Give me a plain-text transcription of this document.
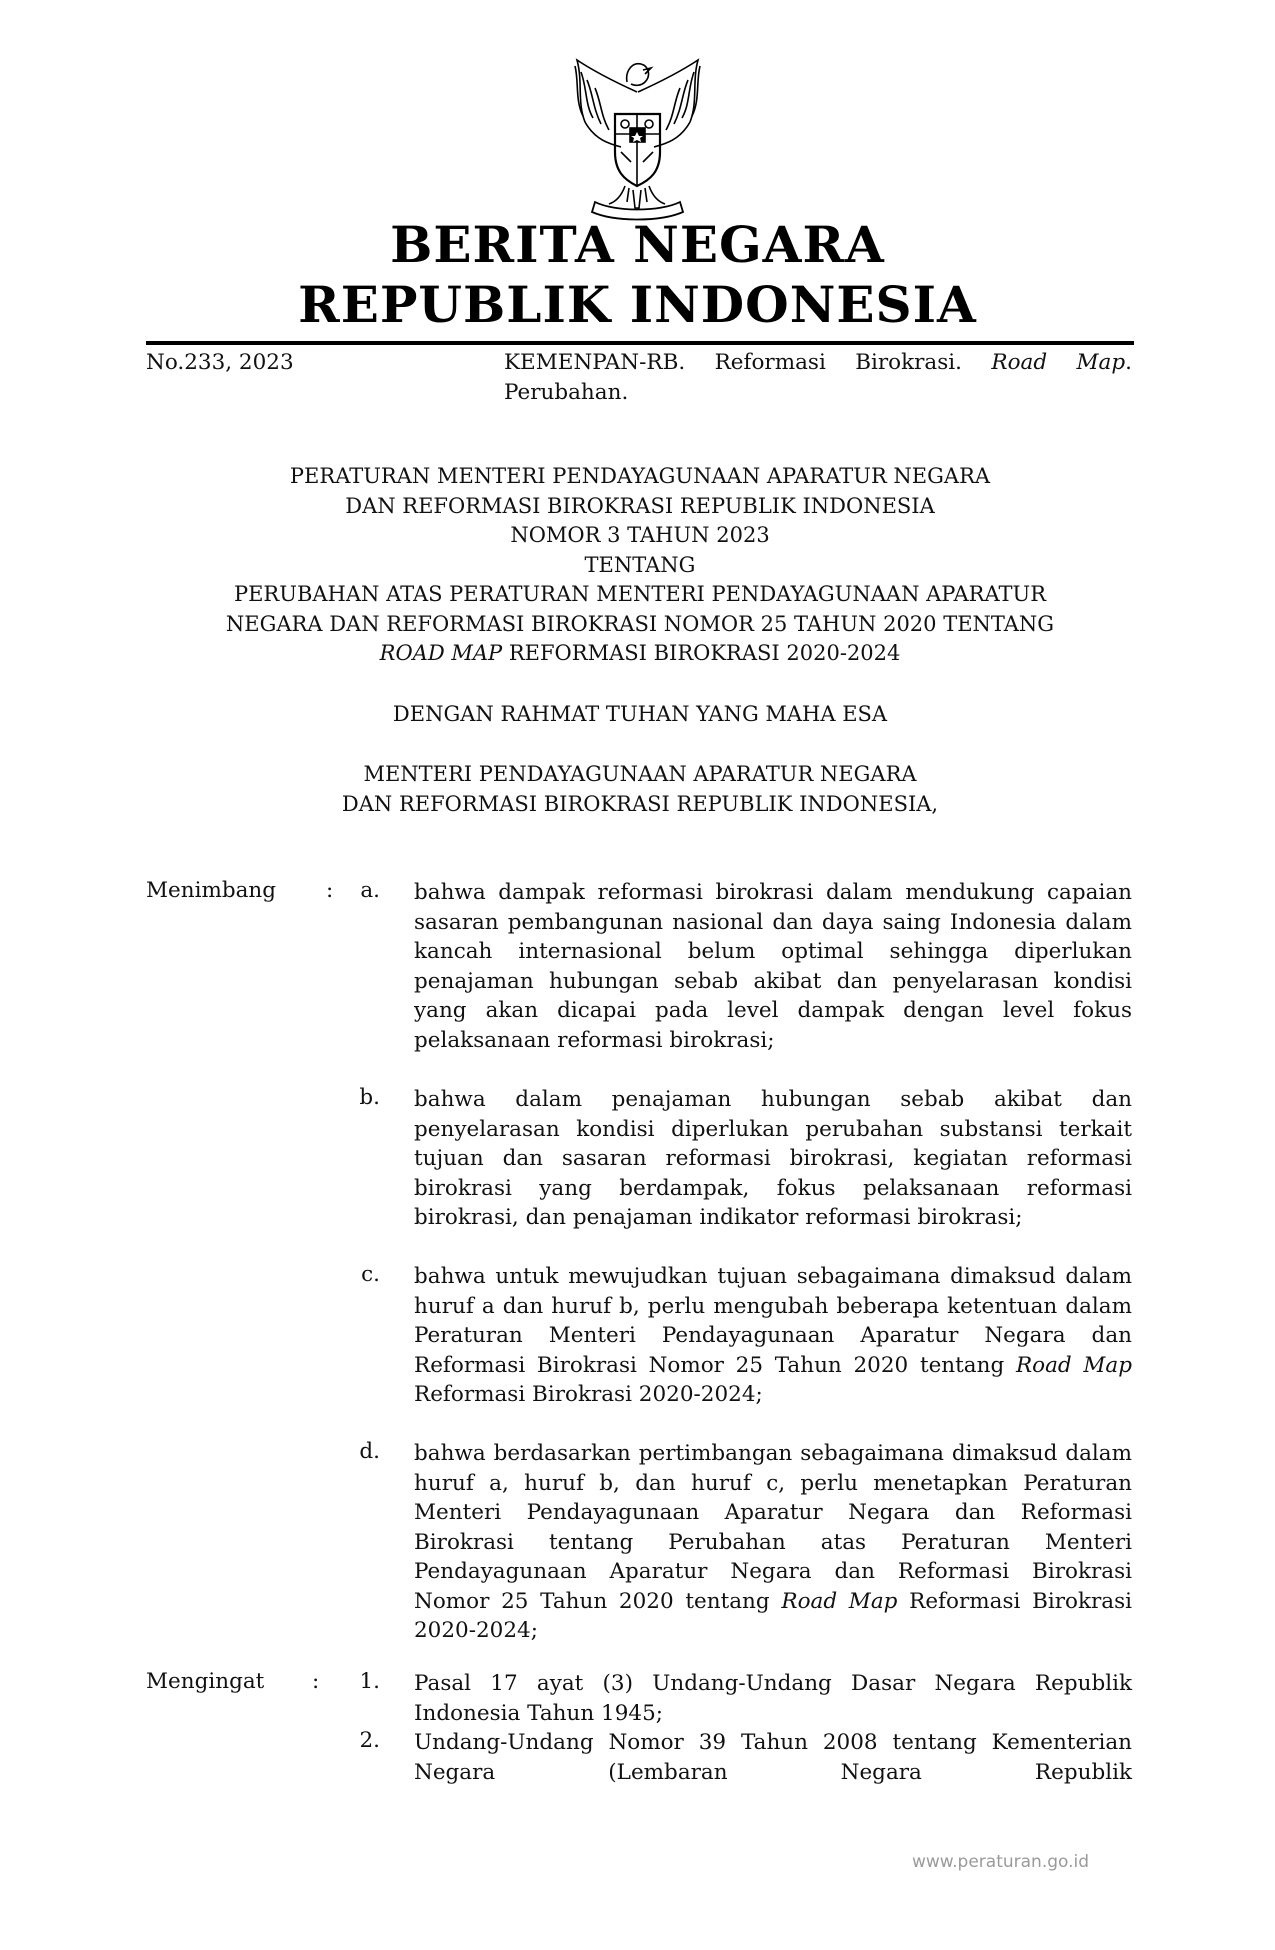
BERITA NEGARA
REPUBLIK INDONESIA
No.233, 2023	KEMENPAN-RB. Reformasi Birokrasi. Road Map. Perubahan.
PERATURAN MENTERI PENDAYAGUNAAN APARATUR NEGARA
DAN REFORMASI BIROKRASI REPUBLIK INDONESIA
NOMOR 3 TAHUN 2023
TENTANG
PERUBAHAN ATAS PERATURAN MENTERI PENDAYAGUNAAN APARATUR
NEGARA DAN REFORMASI BIROKRASI NOMOR 25 TAHUN 2020 TENTANG
ROAD MAP REFORMASI BIROKRASI 2020-2024
DENGAN RAHMAT TUHAN YANG MAHA ESA
MENTERI PENDAYAGUNAAN APARATUR NEGARA
DAN REFORMASI BIROKRASI REPUBLIK INDONESIA,
Menimbang :	a. bahwa dampak reformasi birokrasi dalam mendukung capaian sasaran pembangunan nasional dan daya saing Indonesia dalam kancah internasional belum optimal sehingga diperlukan penajaman hubungan sebab akibat dan penyelarasan kondisi yang akan dicapai pada level dampak dengan level fokus pelaksanaan reformasi birokrasi;
b. bahwa dalam penajaman hubungan sebab akibat dan penyelarasan kondisi diperlukan perubahan substansi terkait tujuan dan sasaran reformasi birokrasi, kegiatan reformasi birokrasi yang berdampak, fokus pelaksanaan reformasi birokrasi, dan penajaman indikator reformasi birokrasi;
c. bahwa untuk mewujudkan tujuan sebagaimana dimaksud dalam huruf a dan huruf b, perlu mengubah beberapa ketentuan dalam Peraturan Menteri Pendayagunaan Aparatur Negara dan Reformasi Birokrasi Nomor 25 Tahun 2020 tentang Road Map Reformasi Birokrasi 2020-2024;
d. bahwa berdasarkan pertimbangan sebagaimana dimaksud dalam huruf a, huruf b, dan huruf c, perlu menetapkan Peraturan Menteri Pendayagunaan Aparatur Negara dan Reformasi Birokrasi tentang Perubahan atas Peraturan Menteri Pendayagunaan Aparatur Negara dan Reformasi Birokrasi Nomor 25 Tahun 2020 tentang Road Map Reformasi Birokrasi 2020-2024;
Mengingat :	1. Pasal 17 ayat (3) Undang-Undang Dasar Negara Republik Indonesia Tahun 1945;
2. Undang-Undang Nomor 39 Tahun 2008 tentang Kementerian Negara (Lembaran Negara Republik
www.peraturan.go.id
